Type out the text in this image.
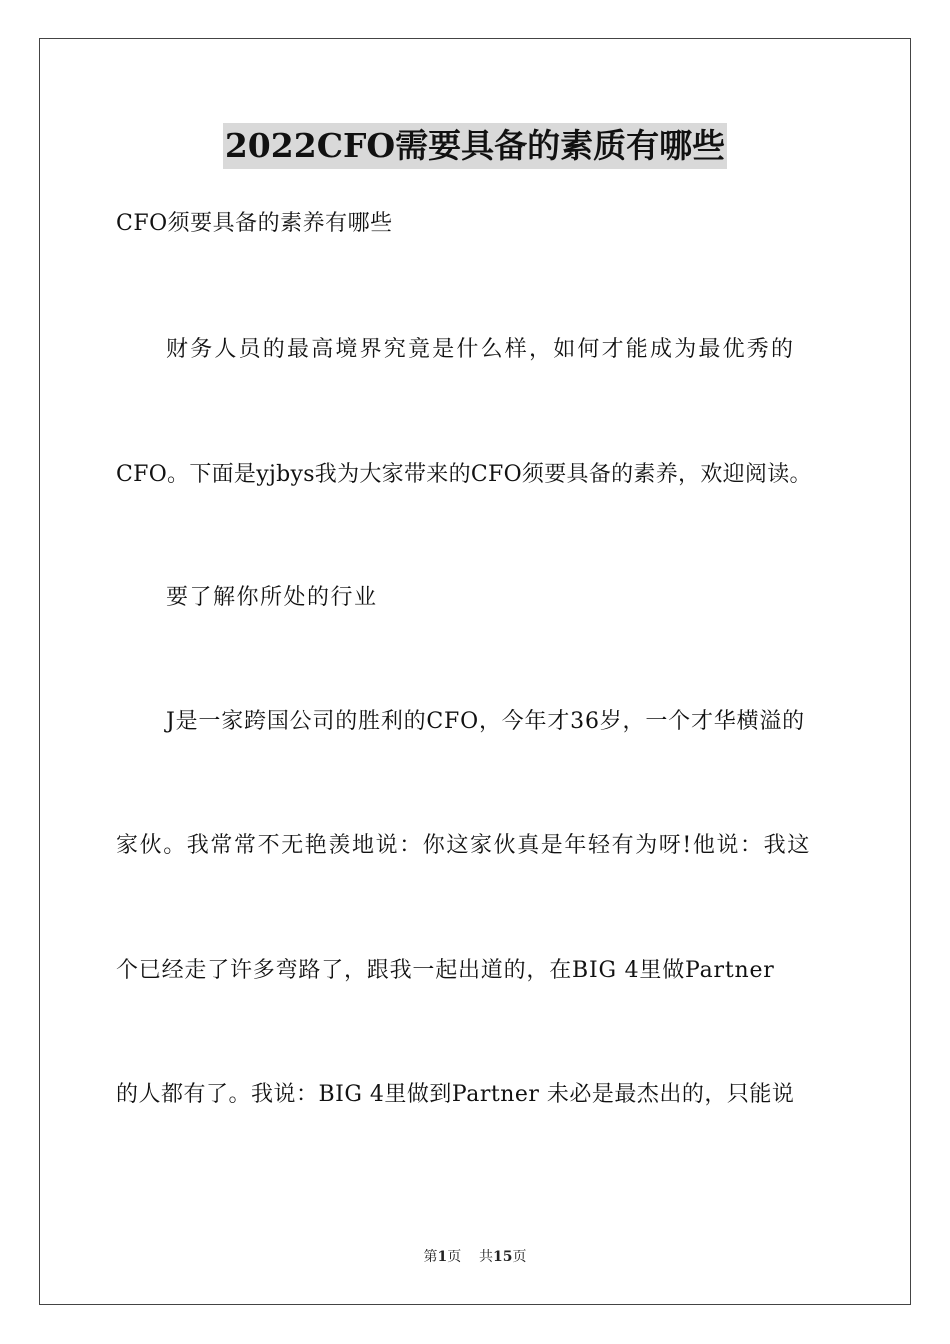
2022CFO需要具备的素质有哪些
CFO须要具备的素养有哪些
财务人员的最高境界究竟是什么样，如何才能成为最优秀的
CFO。下面是yjbys我为大家带来的CFO须要具备的素养，欢迎阅读。
要了解你所处的行业
J是一家跨国公司的胜利的CFO，今年才36岁，一个才华横溢的
家伙。我常常不无艳羡地说：你这家伙真是年轻有为呀!他说：我这
个已经走了许多弯路了，跟我一起出道的，在BIG 4里做Partner
的人都有了。我说：BIG 4里做到Partner 未必是最杰出的，只能说
第1页 共15页
